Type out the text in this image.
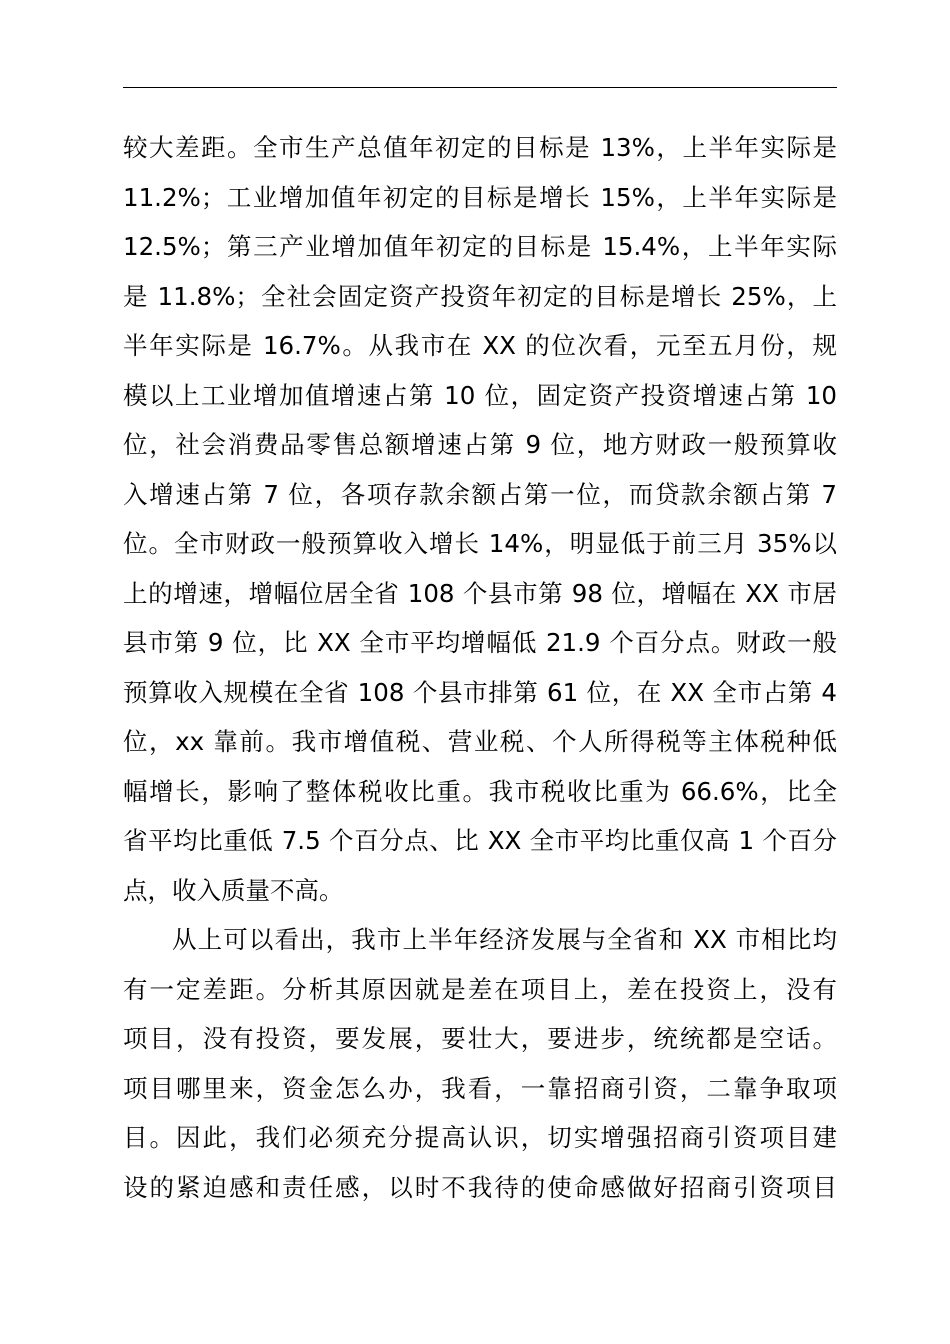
较大差距。全市生产总值年初定的目标是 13%，上半年实际是
11.2%；工业增加值年初定的目标是增长 15%，上半年实际是
12.5%；第三产业增加值年初定的目标是 15.4%，上半年实际
是 11.8%；全社会固定资产投资年初定的目标是增长 25%，上
半年实际是 16.7%。从我市在 XX 的位次看，元至五月份，规
模以上工业增加值增速占第 10 位，固定资产投资增速占第 10
位，社会消费品零售总额增速占第 9 位，地方财政一般预算收
入增速占第 7 位，各项存款余额占第一位，而贷款余额占第 7
位。全市财政一般预算收入增长 14%，明显低于前三月 35%以
上的增速，增幅位居全省 108 个县市第 98 位，增幅在 XX 市居
县市第 9 位，比 XX 全市平均增幅低 21.9 个百分点。财政一般
预算收入规模在全省 108 个县市排第 61 位，在 XX 全市占第 4
位，xx 靠前。我市增值税、营业税、个人所得税等主体税种低
幅增长，影响了整体税收比重。我市税收比重为 66.6%，比全
省平均比重低 7.5 个百分点、比 XX 全市平均比重仅高 1 个百分
点，收入质量不高。
从上可以看出，我市上半年经济发展与全省和 XX 市相比均
有一定差距。分析其原因就是差在项目上，差在投资上，没有
项目，没有投资，要发展，要壮大，要进步，统统都是空话。
项目哪里来，资金怎么办，我看，一靠招商引资，二靠争取项
目。因此，我们必须充分提高认识，切实增强招商引资项目建
设的紧迫感和责任感，以时不我待的使命感做好招商引资项目
